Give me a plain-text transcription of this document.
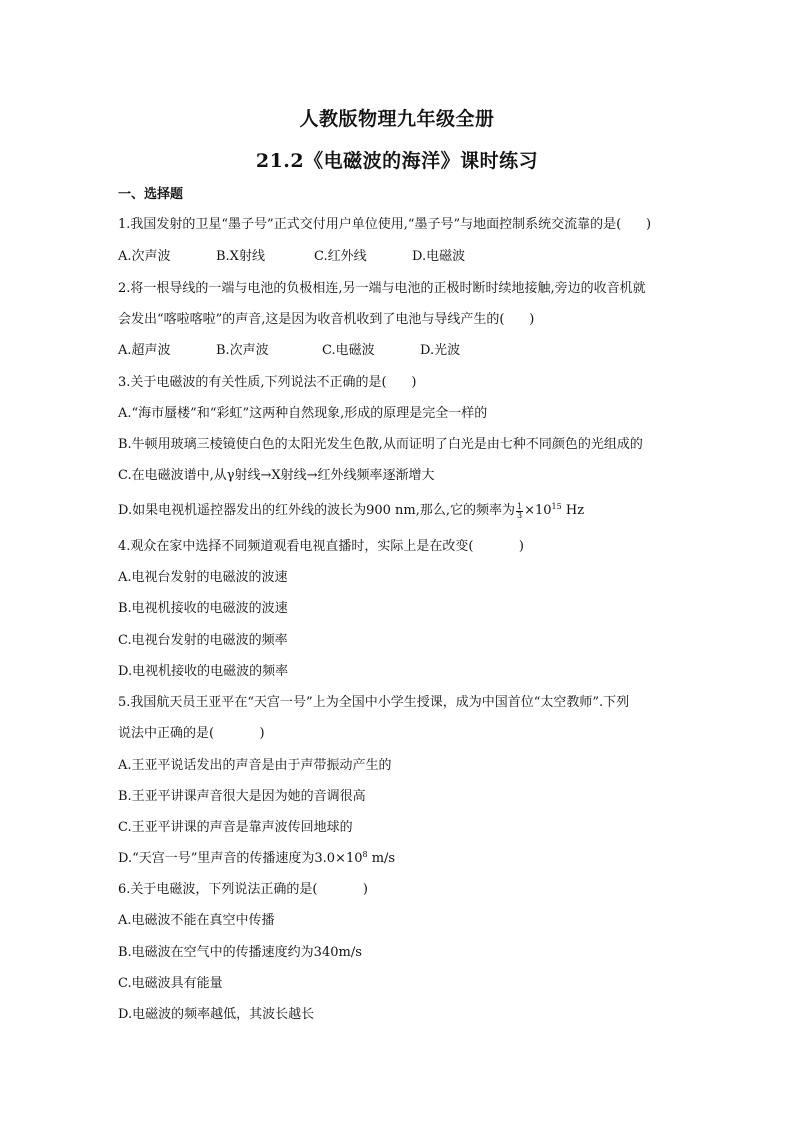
人教版物理九年级全册
21.2《电磁波的海洋》课时练习
一、选择题
1.我国发射的卫星“墨子号”正式交付用户单位使用,“墨子号”与地面控制系统交流靠的是(      )
A.次声波	B.X射线	C.红外线	D.电磁波
2.将一根导线的一端与电池的负极相连,另一端与电池的正极时断时续地接触,旁边的收音机就
会发出“喀啦喀啦”的声音,这是因为收音机收到了电池与导线产生的(      )
A.超声波	B.次声波	C.电磁波	D.光波
3.关于电磁波的有关性质,下列说法不正确的是(      )
A.“海市蜃楼”和“彩虹”这两种自然现象,形成的原理是完全一样的
B.牛顿用玻璃三棱镜使白色的太阳光发生色散,从而证明了白光是由七种不同颜色的光组成的
C.在电磁波谱中,从γ射线→X射线→红外线频率逐渐增大
D.如果电视机遥控器发出的红外线的波长为900 nm,那么,它的频率为 $\frac{1}{3} \times 10^{15}$ Hz
4.观众在家中选择不同频道观看电视直播时，实际上是在改变(           )
A.电视台发射的电磁波的波速
B.电视机接收的电磁波的波速
C.电视台发射的电磁波的频率
D.电视机接收的电磁波的频率
5.我国航天员王亚平在“天宫一号”上为全国中小学生授课，成为中国首位“太空教师”.下列
说法中正确的是(           )
A.王亚平说话发出的声音是由于声带振动产生的
B.王亚平讲课声音很大是因为她的音调很高
C.王亚平讲课的声音是靠声波传回地球的
D.“天宫一号”里声音的传播速度为$3.0\times 10^8$ m/s
6.关于电磁波，下列说法正确的是(           )
A.电磁波不能在真空中传播
B.电磁波在空气中的传播速度约为340m/s
C.电磁波具有能量
D.电磁波的频率越低，其波长越长
